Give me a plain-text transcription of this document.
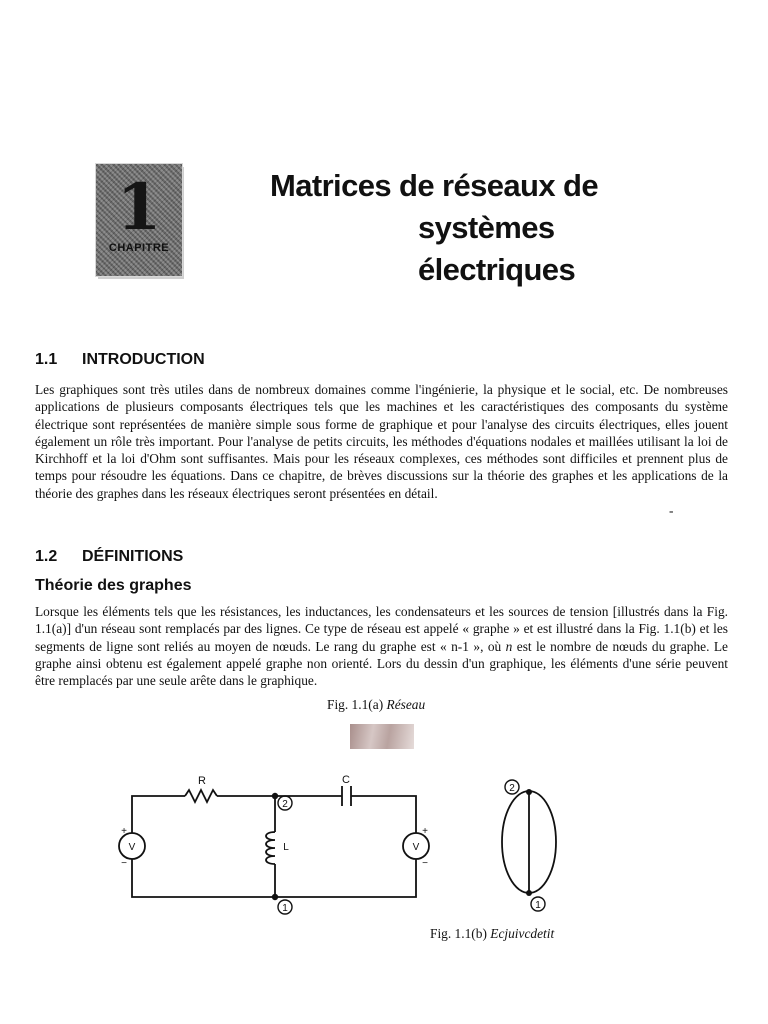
1
CHAPITRE
Matrices de réseaux de
systèmes
électriques
1.1 INTRODUCTION
Les graphiques sont très utiles dans de nombreux domaines comme l'ingénierie, la physique et le social, etc. De nombreuses applications de plusieurs composants électriques tels que les machines et les caractéristiques des composants du système électrique sont représentées de manière simple sous forme de graphique et pour l'analyse des circuits électriques, elles jouent également un rôle très important. Pour l'analyse de petits circuits, les méthodes d'équations nodales et maillées utilisant la loi de Kirchhoff et la loi d'Ohm sont suffisantes. Mais pour les réseaux complexes, ces méthodes sont difficiles et prennent plus de temps pour résoudre les équations. Dans ce chapitre, de brèves discussions sur la théorie des graphes et les applications de la théorie des graphes dans les réseaux électriques seront présentées en détail.
-
1.2 DÉFINITIONS
Théorie des graphes
Lorsque les éléments tels que les résistances, les inductances, les condensateurs et les sources de tension [illustrés dans la Fig. 1.1(a)] d'un réseau sont remplacés par des lignes. Ce type de réseau est appelé « graphe » et est illustré dans la Fig. 1.1(b) et les segments de ligne sont reliés au moyen de nœuds. Le rang du graphe est « n-1 », où n est le nombre de nœuds du graphe. Le graphe ainsi obtenu est également appelé graphe non orienté. Lors du dessin d'un graphique, les éléments d'une série peuvent être remplacés par une seule arête dans le graphique.
Fig. 1.1(a) Réseau
R	C
L
V	V
+
−
+
−
2
1
2
1
Fig. 1.1(b) Ecjuivcdetit
